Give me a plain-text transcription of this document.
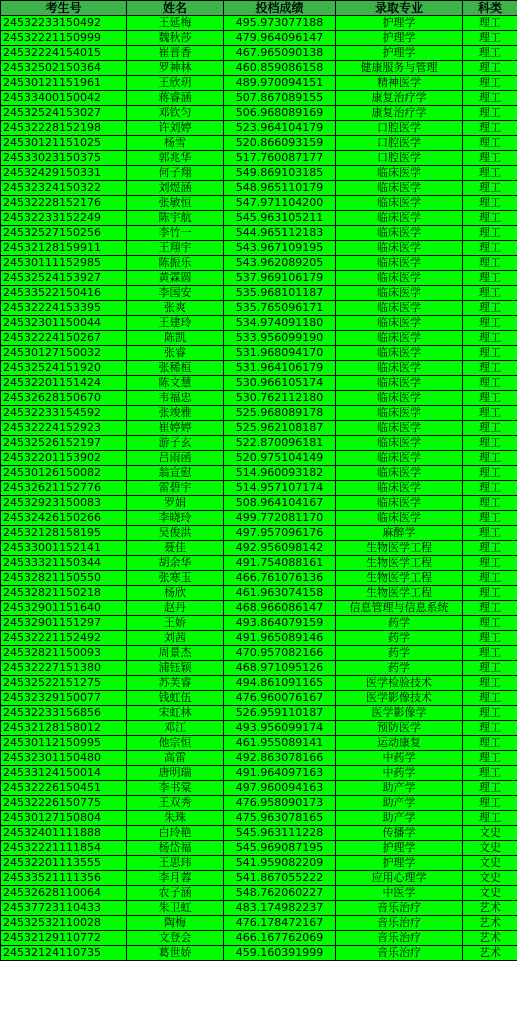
考生号	姓名	投档成绩	录取专业	科类
24532233150492	王延梅	495.973077188	护理学	理工
24532221150999	魏秋莎	479.964096147	护理学	理工
24532224154015	崔晋香	467.965090138	护理学	理工
24532502150364	罗神林	460.859086158	健康服务与管理	理工
24530121151961	王欣玥	489.970094151	精神医学	理工
24533400150042	蒋睿涵	507.867089155	康复治疗学	理工
24532524153027	邓钦匀	506.968089169	康复治疗学	理工
24532228152198	许刘婷	523.964104179	口腔医学	理工
24530121151025	杨雪	520.866093159	口腔医学	理工
24533023150375	郭兆华	517.760087177	口腔医学	理工
24532429150331	何子翔	549.869103185	临床医学	理工
24532324150322	刘煜涵	548.965110179	临床医学	理工
24532228152176	张敏恒	547.971104200	临床医学	理工
24532233152249	陈宇航	545.963105211	临床医学	理工
24532527150256	李竹一	544.965112183	临床医学	理工
24532128159911	王翔宇	543.967109195	临床医学	理工
24530111152985	陈振乐	543.962089205	临床医学	理工
24532524153927	黄霖圆	537.969106179	临床医学	理工
24533522150416	李国安	535.968101187	临床医学	理工
24532224153395	张爽	535.765096171	临床医学	理工
24532301150044	王建玲	534.974091180	临床医学	理工
24532224150267	陈凯	533.956099190	临床医学	理工
24530127150032	张睿	531.968094170	临床医学	理工
24532524151920	张稀桓	531.964106179	临床医学	理工
24532201151424	陈文慧	530.966105174	临床医学	理工
24532628150670	韦福忠	530.762112180	临床医学	理工
24532233154592	张竣雅	525.968089178	临床医学	理工
24532224152923	崔婷婷	525.962108187	临床医学	理工
24532526152197	游子玄	522.870096181	临床医学	理工
24532201153902	吕雨函	520.975104149	临床医学	理工
24530126150082	翁宣慰	514.960093182	临床医学	理工
24532621152776	雷碧宇	514.957107174	临床医学	理工
24532923150083	罗娟	508.964104167	临床医学	理工
24532426150266	李晓玲	499.772081170	临床医学	理工
24532128158195	吴俊洪	497.957096176	麻醉学	理工
24533001152141	聂佳	492.956098142	生物医学工程	理工
24533321150344	胡余华	491.754088161	生物医学工程	理工
24532821150550	张寒玉	466.761076136	生物医学工程	理工
24532821150218	杨欣	461.963074158	生物医学工程	理工
24532901151640	赵丹	468.966086147	信息管理与信息系统	理工
24532901151297	王娇	493.864079159	药学	理工
24532221152492	刘茜	491.965089146	药学	理工
24532821150093	周景杰	470.957082166	药学	理工
24532227151380	浦钰颖	468.971095126	药学	理工
24532522151275	苏芙睿	494.861091165	医学检验技术	理工
24532329150077	钱虹伍	476.960076167	医学影像技术	理工
24532233156856	宋虹林	526.959110187	医学影像学	理工
24532128158012	邓江	493.956099174	预防医学	理工
24530112150995	他宗恒	461.955089141	运动康复	理工
24532301150480	高雷	492.863078166	中药学	理工
24533124150014	唐明瑞	491.964097163	中药学	理工
24532226150451	李书棠	497.960094163	助产学	理工
24532226150775	王双秀	476.958090173	助产学	理工
24530127150804	朱珠	475.963078165	助产学	理工
24532401111888	白玲艳	545.963111228	传播学	文史
24532221111854	杨岱福	545.969087195	护理学	文史
24532201113555	王思玮	541.959082209	护理学	文史
24533521111356	李月蓉	541.867055222	应用心理学	文史
24532628110064	农子涵	548.762060227	中医学	文史
24537723110433	朱卫虹	483.174982237	音乐治疗	艺术
24532532110028	陶梅	476.178472167	音乐治疗	艺术
24532129110772	文登会	466.167762069	音乐治疗	艺术
24532124110735	葛世娇	459.160391999	音乐治疗	艺术
